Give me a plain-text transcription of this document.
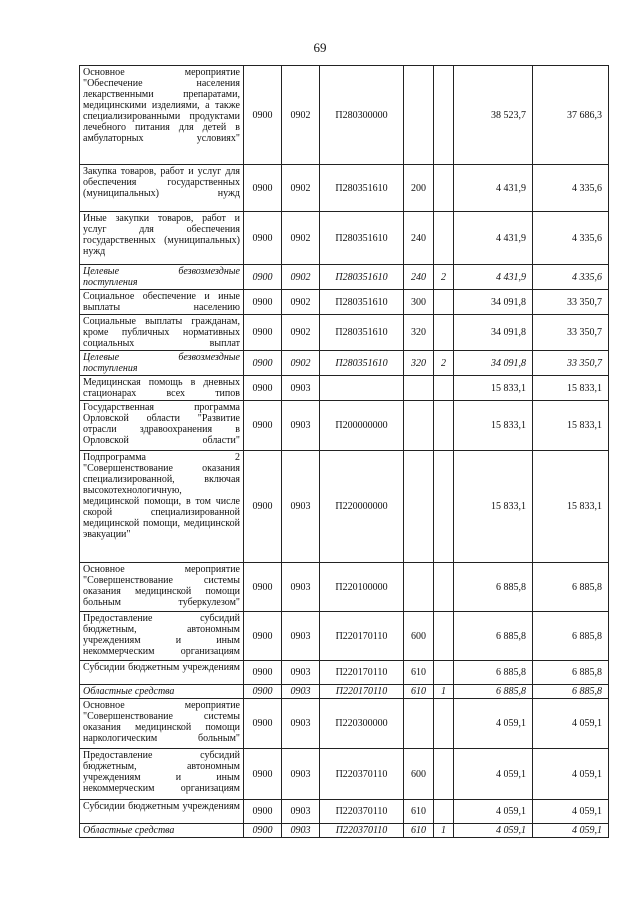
69
Основное мероприятие "Обеспечение населения лекарственными препаратами, медицинскими изделиями, а также специализированными продуктами лечебного питания для детей в амбулаторных условиях"	0900	0902	П280300000			38 523,7	37 686,3
Закупка товаров, работ и услуг для обеспечения государственных (муниципальных) нужд	0900	0902	П280351610	200		4 431,9	4 335,6
Иные закупки товаров, работ и услуг для обеспечения государственных (муниципальных) нужд	0900	0902	П280351610	240		4 431,9	4 335,6
Целевые безвозмездные поступления	0900	0902	П280351610	240	2	4 431,9	4 335,6
Социальное обеспечение и иные выплаты населению	0900	0902	П280351610	300		34 091,8	33 350,7
Социальные выплаты гражданам, кроме публичных нормативных социальных выплат	0900	0902	П280351610	320		34 091,8	33 350,7
Целевые безвозмездные поступления	0900	0902	П280351610	320	2	34 091,8	33 350,7
Медицинская помощь в дневных стационарах всех типов	0900	0903				15 833,1	15 833,1
Государственная программа Орловской области "Развитие отрасли здравоохранения в Орловской области"	0900	0903	П200000000			15 833,1	15 833,1
Подпрограмма 2 "Совершенствование оказания специализированной, включая высокотехнологичную, медицинской помощи, в том числе скорой специализированной медицинской помощи, медицинской эвакуации"	0900	0903	П220000000			15 833,1	15 833,1
Основное мероприятие "Совершенствование системы оказания медицинской помощи больным туберкулезом"	0900	0903	П220100000			6 885,8	6 885,8
Предоставление субсидий бюджетным, автономным учреждениям и иным некоммерческим организациям	0900	0903	П220170110	600		6 885,8	6 885,8
Субсидии бюджетным учреждениям	0900	0903	П220170110	610		6 885,8	6 885,8
Областные средства	0900	0903	П220170110	610	1	6 885,8	6 885,8
Основное мероприятие "Совершенствование системы оказания медицинской помощи наркологическим больным"	0900	0903	П220300000			4 059,1	4 059,1
Предоставление субсидий бюджетным, автономным учреждениям и иным некоммерческим организациям	0900	0903	П220370110	600		4 059,1	4 059,1
Субсидии бюджетным учреждениям	0900	0903	П220370110	610		4 059,1	4 059,1
Областные средства	0900	0903	П220370110	610	1	4 059,1	4 059,1
